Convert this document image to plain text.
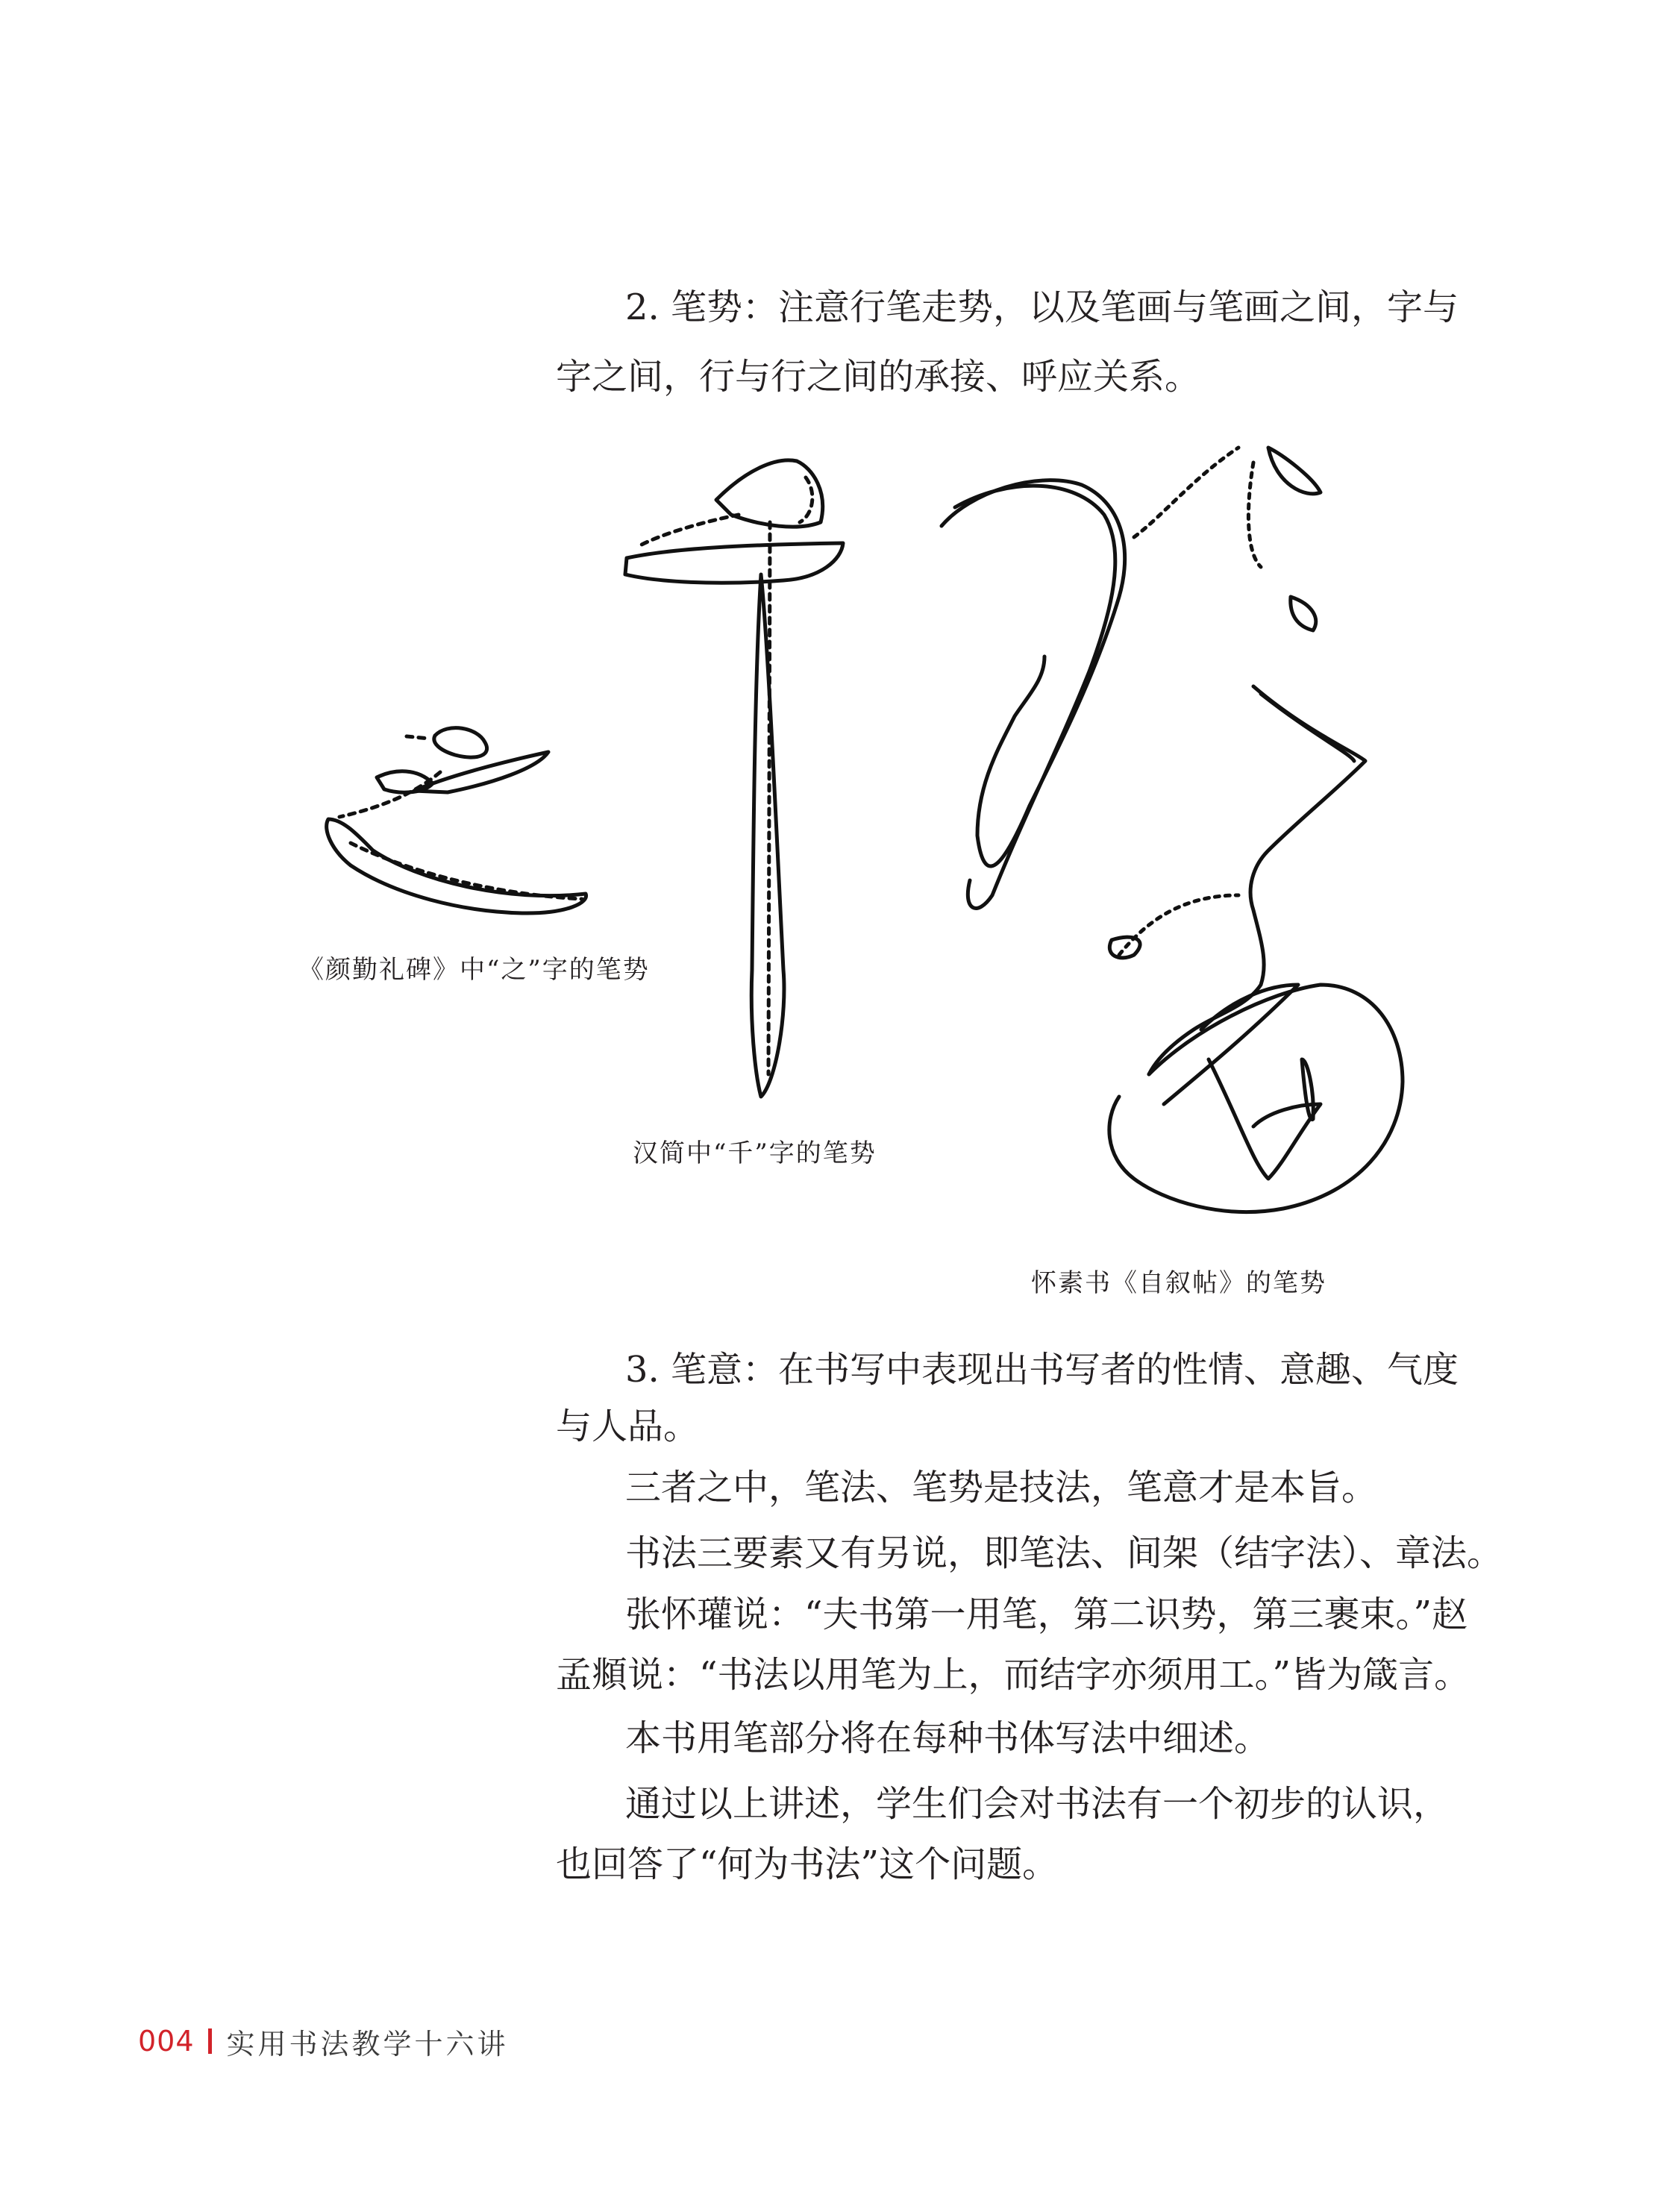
2. 笔势：注意行笔走势，以及笔画与笔画之间，字与
字之间，行与行之间的承接、呼应关系。
《颜勤礼碑》中“之”字的笔势
汉简中“千”字的笔势
怀素书《自叙帖》的笔势
3. 笔意：在书写中表现出书写者的性情、意趣、气度
与人品。
三者之中，笔法、笔势是技法，笔意才是本旨。
书法三要素又有另说，即笔法、间架（结字法）、章法。
张怀瓘说：“夫书第一用笔，第二识势，第三裹束。”赵
孟頫说：“书法以用笔为上，而结字亦须用工。”皆为箴言。
本书用笔部分将在每种书体写法中细述。
通过以上讲述，学生们会对书法有一个初步的认识，
也回答了“何为书法”这个问题。
004 实用书法教学十六讲
